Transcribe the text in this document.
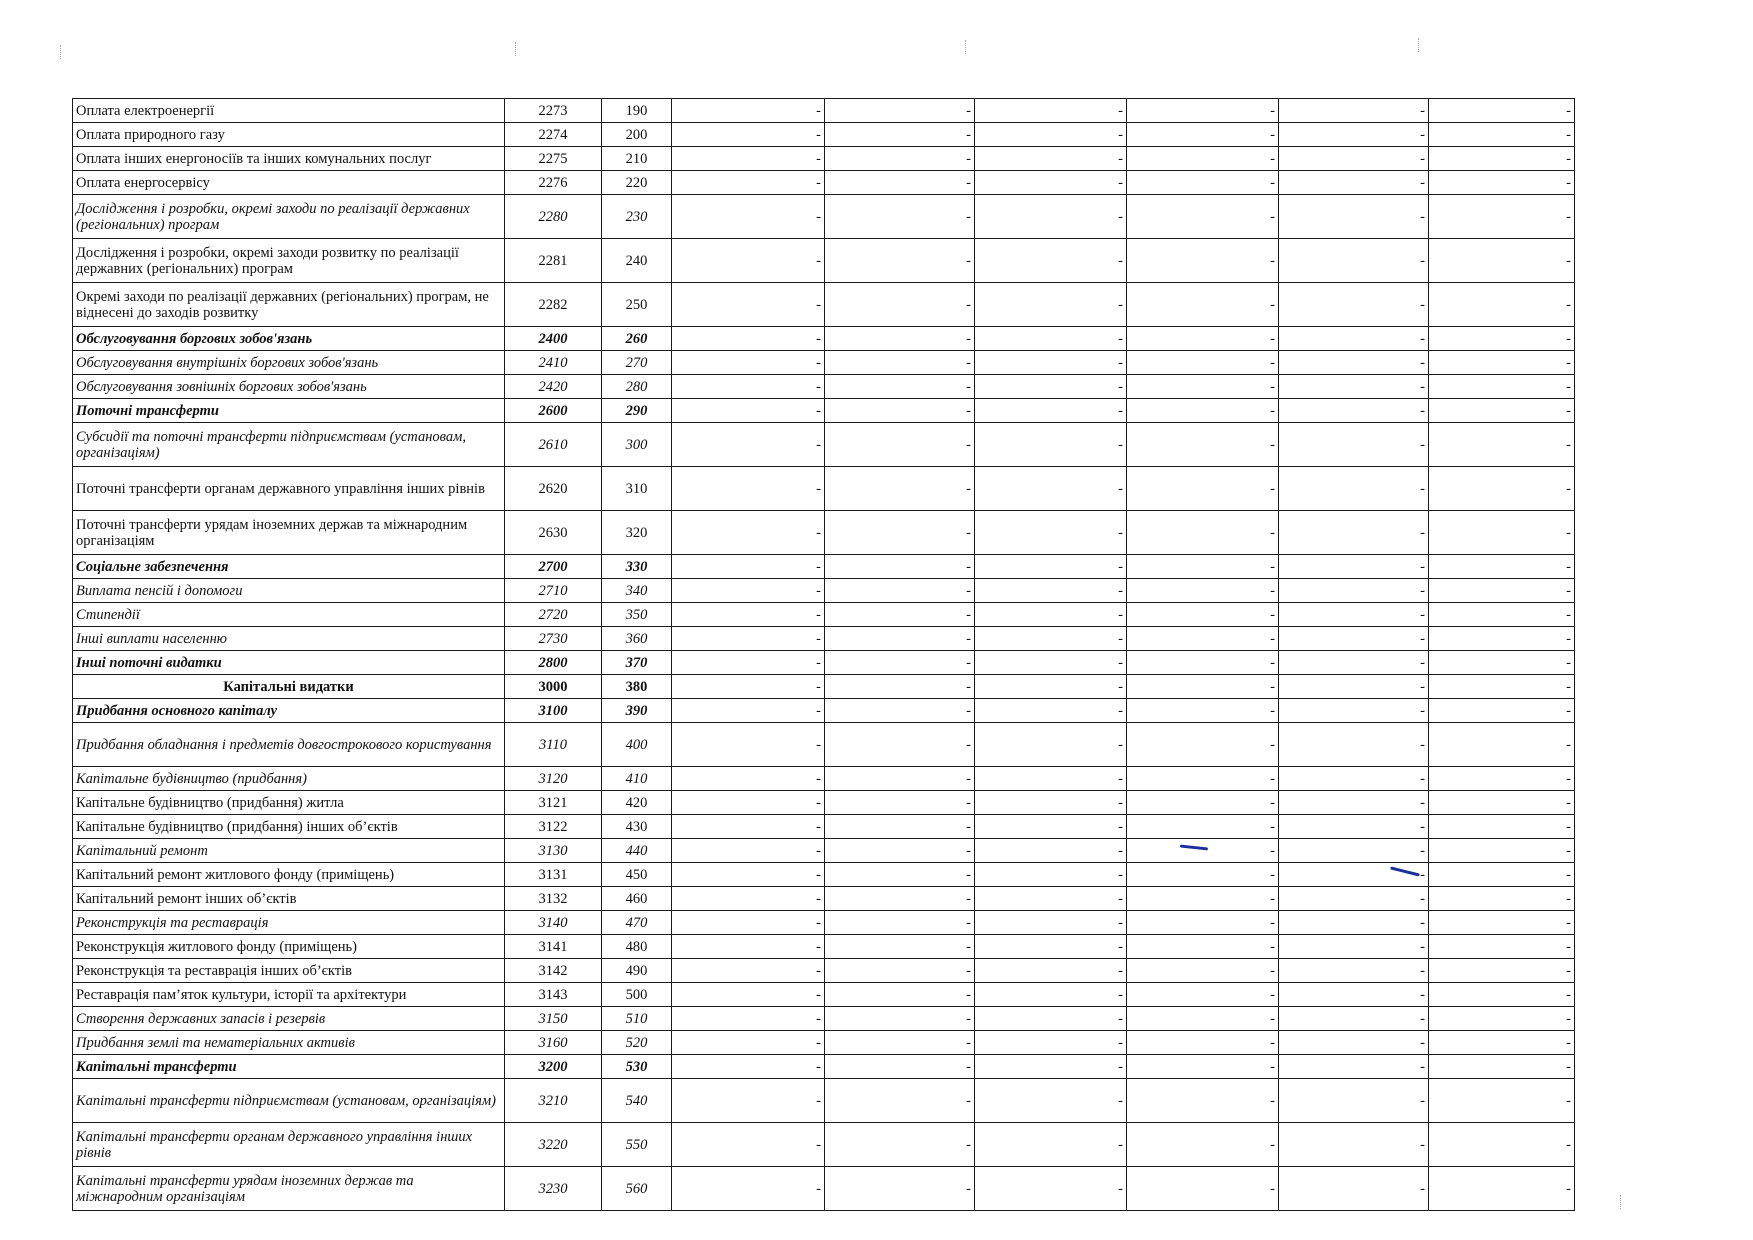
Оплата електроенергії	2273	190	-	-	-	-	-	-
Оплата природного газу	2274	200	-	-	-	-	-	-
Оплата інших енергоносіїв та інших комунальних послуг	2275	210	-	-	-	-	-	-
Оплата енергосервісу	2276	220	-	-	-	-	-	-
Дослідження і розробки, окремі заходи по реалізації державних (регіональних) програм	2280	230	-	-	-	-	-	-
Дослідження і розробки, окремі заходи розвитку по реалізації державних (регіональних) програм	2281	240	-	-	-	-	-	-
Окремі заходи по реалізації державних (регіональних) програм, не віднесені до заходів розвитку	2282	250	-	-	-	-	-	-
Обслуговування боргових зобов'язань	2400	260	-	-	-	-	-	-
Обслуговування внутрішніх боргових зобов'язань	2410	270	-	-	-	-	-	-
Обслуговування зовнішніх боргових зобов'язань	2420	280	-	-	-	-	-	-
Поточні трансферти	2600	290	-	-	-	-	-	-
Субсидії та поточні трансферти підприємствам (установам, організаціям)	2610	300	-	-	-	-	-	-
Поточні трансферти органам державного управління інших рівнів	2620	310	-	-	-	-	-	-
Поточні трансферти урядам іноземних держав та міжнародним організаціям	2630	320	-	-	-	-	-	-
Соціальне забезпечення	2700	330	-	-	-	-	-	-
Виплата пенсій і допомоги	2710	340	-	-	-	-	-	-
Стипендії	2720	350	-	-	-	-	-	-
Інші виплати населенню	2730	360	-	-	-	-	-	-
Інші поточні видатки	2800	370	-	-	-	-	-	-
Капітальні видатки	3000	380	-	-	-	-	-	-
Придбання основного капіталу	3100	390	-	-	-	-	-	-
Придбання обладнання і предметів довгострокового користування	3110	400	-	-	-	-	-	-
Капітальне будівництво (придбання)	3120	410	-	-	-	-	-	-
Капітальне будівництво (придбання) житла	3121	420	-	-	-	-	-	-
Капітальне будівництво (придбання) інших об’єктів	3122	430	-	-	-	-	-	-
Капітальний ремонт	3130	440	-	-	-	-	-	-
Капітальний ремонт житлового фонду (приміщень)	3131	450	-	-	-	-	-	-
Капітальний ремонт інших об’єктів	3132	460	-	-	-	-	-	-
Реконструкція та реставрація	3140	470	-	-	-	-	-	-
Реконструкція житлового фонду (приміщень)	3141	480	-	-	-	-	-	-
Реконструкція та реставрація інших об’єктів	3142	490	-	-	-	-	-	-
Реставрація пам’яток культури, історії та архітектури	3143	500	-	-	-	-	-	-
Створення державних запасів і резервів	3150	510	-	-	-	-	-	-
Придбання землі та нематеріальних активів	3160	520	-	-	-	-	-	-
Капітальні трансферти	3200	530	-	-	-	-	-	-
Капітальні трансферти підприємствам (установам, організаціям)	3210	540	-	-	-	-	-	-
Капітальні трансферти органам державного управління інших рівнів	3220	550	-	-	-	-	-	-
Капітальні трансферти урядам іноземних держав та міжнародним організаціям	3230	560	-	-	-	-	-	-
